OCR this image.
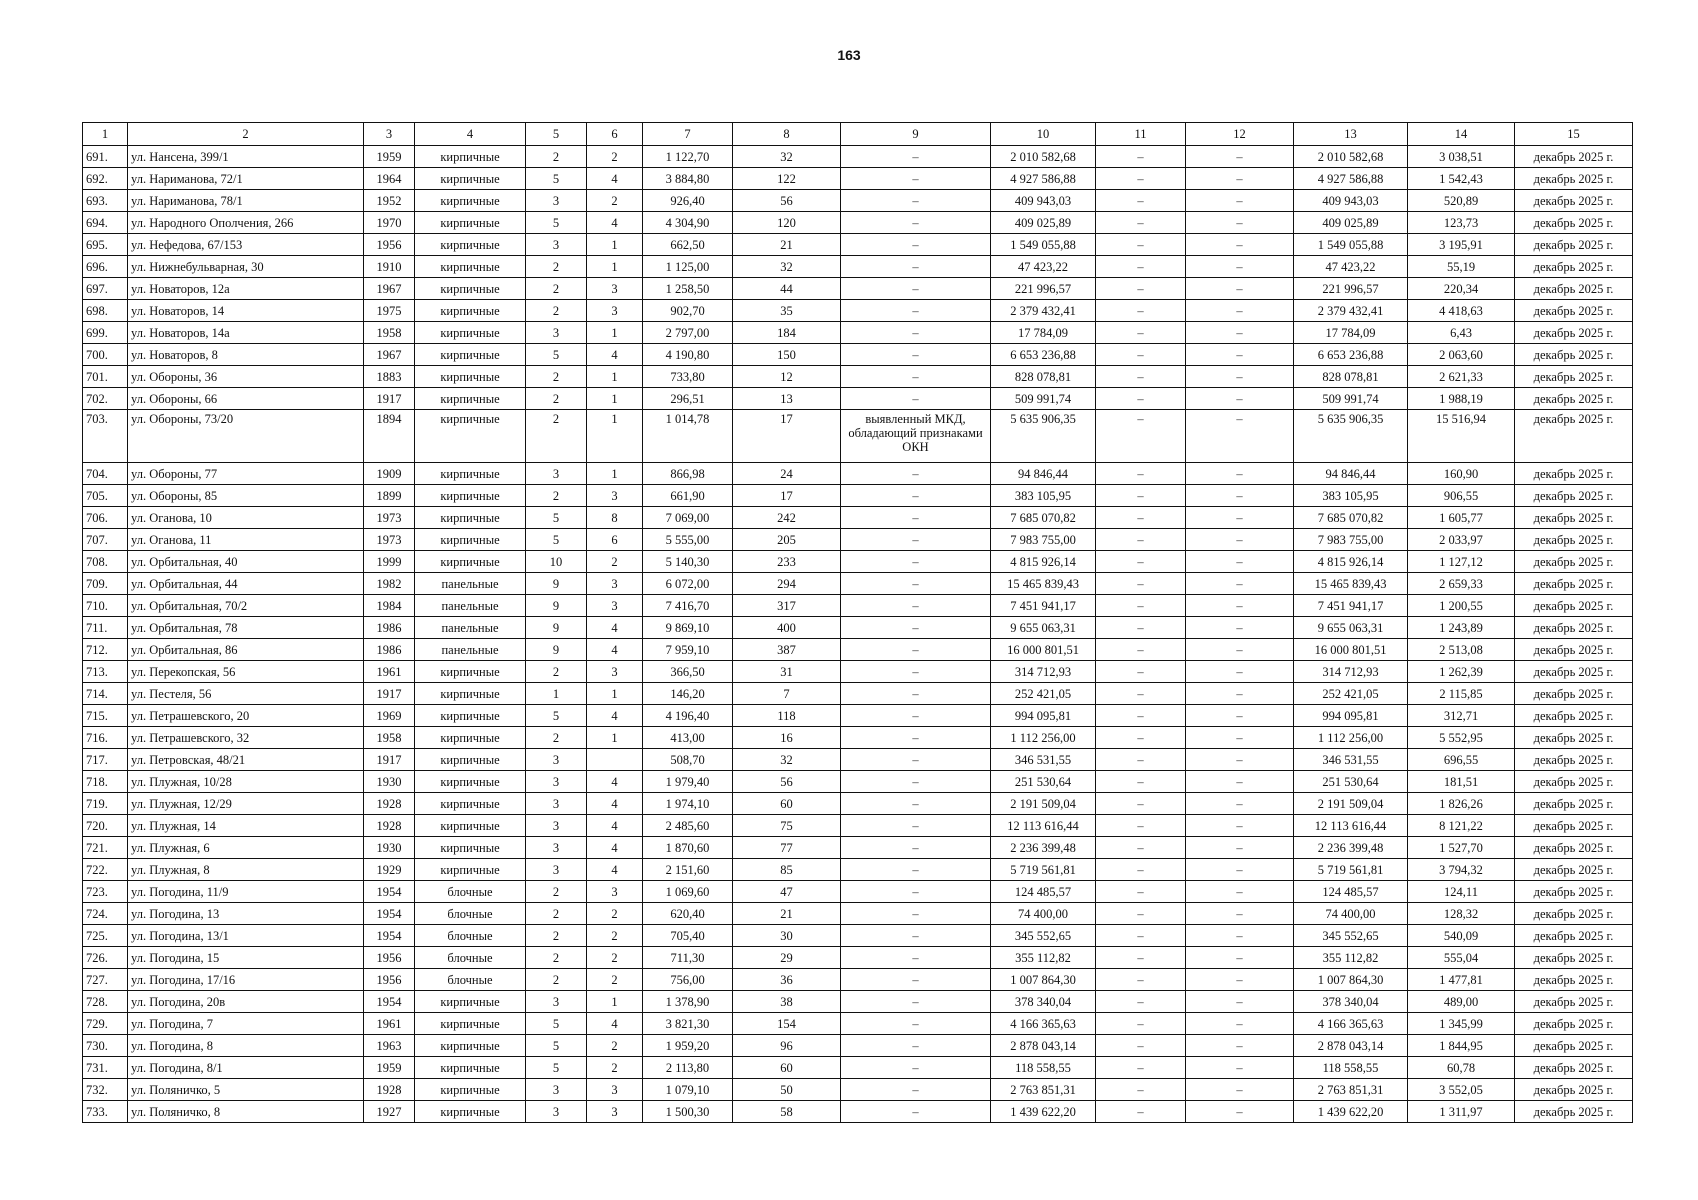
163
1	2	3	4	5	6	7	8	9	10	11	12	13	14	15
691.	ул. Нансена, 399/1	1959	кирпичные	2	2	1 122,70	32	–	2 010 582,68	–	–	2 010 582,68	3 038,51	декабрь 2025 г.
692.	ул. Нариманова, 72/1	1964	кирпичные	5	4	3 884,80	122	–	4 927 586,88	–	–	4 927 586,88	1 542,43	декабрь 2025 г.
693.	ул. Нариманова, 78/1	1952	кирпичные	3	2	926,40	56	–	409 943,03	–	–	409 943,03	520,89	декабрь 2025 г.
694.	ул. Народного Ополчения, 266	1970	кирпичные	5	4	4 304,90	120	–	409 025,89	–	–	409 025,89	123,73	декабрь 2025 г.
695.	ул. Нефедова, 67/153	1956	кирпичные	3	1	662,50	21	–	1 549 055,88	–	–	1 549 055,88	3 195,91	декабрь 2025 г.
696.	ул. Нижнебульварная, 30	1910	кирпичные	2	1	1 125,00	32	–	47 423,22	–	–	47 423,22	55,19	декабрь 2025 г.
697.	ул. Новаторов, 12а	1967	кирпичные	2	3	1 258,50	44	–	221 996,57	–	–	221 996,57	220,34	декабрь 2025 г.
698.	ул. Новаторов, 14	1975	кирпичные	2	3	902,70	35	–	2 379 432,41	–	–	2 379 432,41	4 418,63	декабрь 2025 г.
699.	ул. Новаторов, 14а	1958	кирпичные	3	1	2 797,00	184	–	17 784,09	–	–	17 784,09	6,43	декабрь 2025 г.
700.	ул. Новаторов, 8	1967	кирпичные	5	4	4 190,80	150	–	6 653 236,88	–	–	6 653 236,88	2 063,60	декабрь 2025 г.
701.	ул. Обороны, 36	1883	кирпичные	2	1	733,80	12	–	828 078,81	–	–	828 078,81	2 621,33	декабрь 2025 г.
702.	ул. Обороны, 66	1917	кирпичные	2	1	296,51	13	–	509 991,74	–	–	509 991,74	1 988,19	декабрь 2025 г.
703.	ул. Обороны, 73/20	1894	кирпичные	2	1	1 014,78	17	выявленный МКД, обладающий признаками ОКН	5 635 906,35	–	–	5 635 906,35	15 516,94	декабрь 2025 г.
704.	ул. Обороны, 77	1909	кирпичные	3	1	866,98	24	–	94 846,44	–	–	94 846,44	160,90	декабрь 2025 г.
705.	ул. Обороны, 85	1899	кирпичные	2	3	661,90	17	–	383 105,95	–	–	383 105,95	906,55	декабрь 2025 г.
706.	ул. Оганова, 10	1973	кирпичные	5	8	7 069,00	242	–	7 685 070,82	–	–	7 685 070,82	1 605,77	декабрь 2025 г.
707.	ул. Оганова, 11	1973	кирпичные	5	6	5 555,00	205	–	7 983 755,00	–	–	7 983 755,00	2 033,97	декабрь 2025 г.
708.	ул. Орбитальная, 40	1999	кирпичные	10	2	5 140,30	233	–	4 815 926,14	–	–	4 815 926,14	1 127,12	декабрь 2025 г.
709.	ул. Орбитальная, 44	1982	панельные	9	3	6 072,00	294	–	15 465 839,43	–	–	15 465 839,43	2 659,33	декабрь 2025 г.
710.	ул. Орбитальная, 70/2	1984	панельные	9	3	7 416,70	317	–	7 451 941,17	–	–	7 451 941,17	1 200,55	декабрь 2025 г.
711.	ул. Орбитальная, 78	1986	панельные	9	4	9 869,10	400	–	9 655 063,31	–	–	9 655 063,31	1 243,89	декабрь 2025 г.
712.	ул. Орбитальная, 86	1986	панельные	9	4	7 959,10	387	–	16 000 801,51	–	–	16 000 801,51	2 513,08	декабрь 2025 г.
713.	ул. Перекопская, 56	1961	кирпичные	2	3	366,50	31	–	314 712,93	–	–	314 712,93	1 262,39	декабрь 2025 г.
714.	ул. Пестеля, 56	1917	кирпичные	1	1	146,20	7	–	252 421,05	–	–	252 421,05	2 115,85	декабрь 2025 г.
715.	ул. Петрашевского, 20	1969	кирпичные	5	4	4 196,40	118	–	994 095,81	–	–	994 095,81	312,71	декабрь 2025 г.
716.	ул. Петрашевского, 32	1958	кирпичные	2	1	413,00	16	–	1 112 256,00	–	–	1 112 256,00	5 552,95	декабрь 2025 г.
717.	ул. Петровская, 48/21	1917	кирпичные	3		508,70	32	–	346 531,55	–	–	346 531,55	696,55	декабрь 2025 г.
718.	ул. Плужная, 10/28	1930	кирпичные	3	4	1 979,40	56	–	251 530,64	–	–	251 530,64	181,51	декабрь 2025 г.
719.	ул. Плужная, 12/29	1928	кирпичные	3	4	1 974,10	60	–	2 191 509,04	–	–	2 191 509,04	1 826,26	декабрь 2025 г.
720.	ул. Плужная, 14	1928	кирпичные	3	4	2 485,60	75	–	12 113 616,44	–	–	12 113 616,44	8 121,22	декабрь 2025 г.
721.	ул. Плужная, 6	1930	кирпичные	3	4	1 870,60	77	–	2 236 399,48	–	–	2 236 399,48	1 527,70	декабрь 2025 г.
722.	ул. Плужная, 8	1929	кирпичные	3	4	2 151,60	85	–	5 719 561,81	–	–	5 719 561,81	3 794,32	декабрь 2025 г.
723.	ул. Погодина, 11/9	1954	блочные	2	3	1 069,60	47	–	124 485,57	–	–	124 485,57	124,11	декабрь 2025 г.
724.	ул. Погодина, 13	1954	блочные	2	2	620,40	21	–	74 400,00	–	–	74 400,00	128,32	декабрь 2025 г.
725.	ул. Погодина, 13/1	1954	блочные	2	2	705,40	30	–	345 552,65	–	–	345 552,65	540,09	декабрь 2025 г.
726.	ул. Погодина, 15	1956	блочные	2	2	711,30	29	–	355 112,82	–	–	355 112,82	555,04	декабрь 2025 г.
727.	ул. Погодина, 17/16	1956	блочные	2	2	756,00	36	–	1 007 864,30	–	–	1 007 864,30	1 477,81	декабрь 2025 г.
728.	ул. Погодина, 20в	1954	кирпичные	3	1	1 378,90	38	–	378 340,04	–	–	378 340,04	489,00	декабрь 2025 г.
729.	ул. Погодина, 7	1961	кирпичные	5	4	3 821,30	154	–	4 166 365,63	–	–	4 166 365,63	1 345,99	декабрь 2025 г.
730.	ул. Погодина, 8	1963	кирпичные	5	2	1 959,20	96	–	2 878 043,14	–	–	2 878 043,14	1 844,95	декабрь 2025 г.
731.	ул. Погодина, 8/1	1959	кирпичные	5	2	2 113,80	60	–	118 558,55	–	–	118 558,55	60,78	декабрь 2025 г.
732.	ул. Поляничко, 5	1928	кирпичные	3	3	1 079,10	50	–	2 763 851,31	–	–	2 763 851,31	3 552,05	декабрь 2025 г.
733.	ул. Поляничко, 8	1927	кирпичные	3	3	1 500,30	58	–	1 439 622,20	–	–	1 439 622,20	1 311,97	декабрь 2025 г.
